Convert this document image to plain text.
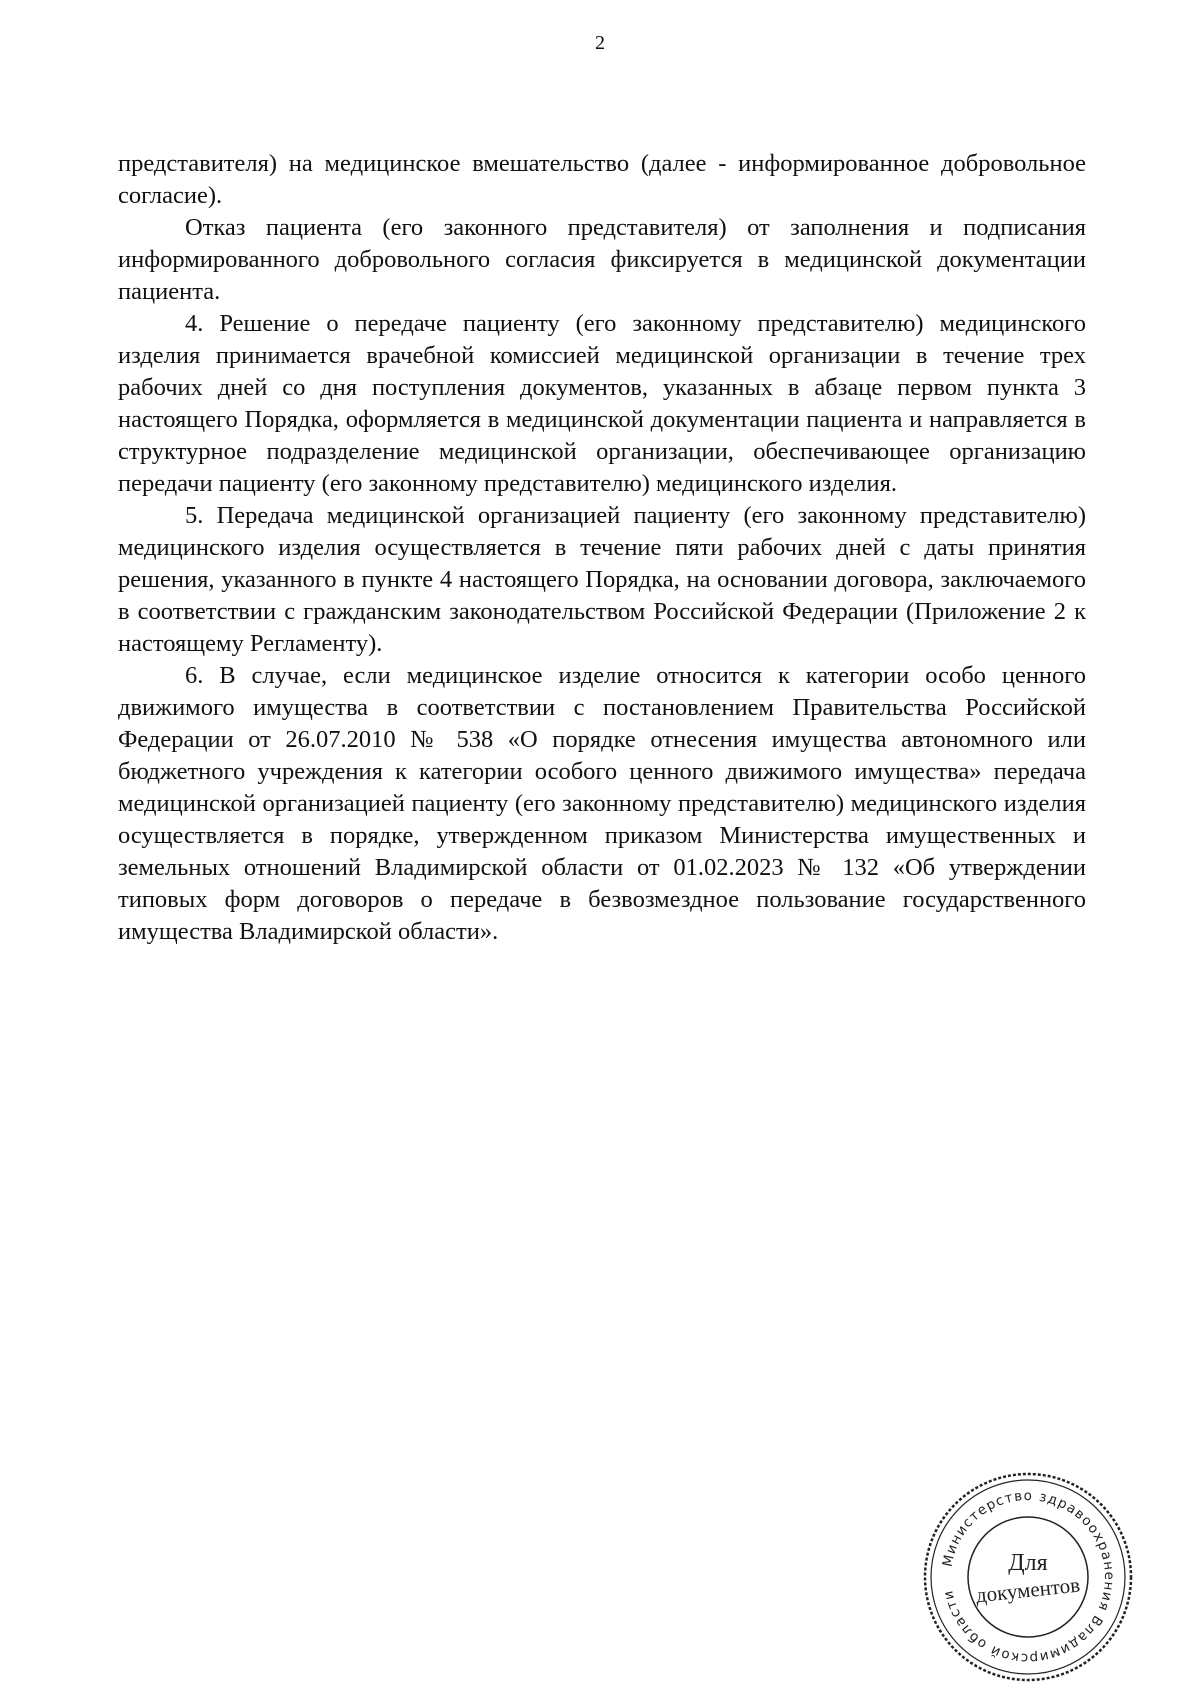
2

представителя) на медицинское вмешательство (далее - информированное добровольное согласие).

Отказ пациента (его законного представителя) от заполнения и подписания информированного добровольного согласия фиксируется в медицинской документации пациента.

4. Решение о передаче пациенту (его законному представителю) медицинского изделия принимается врачебной комиссией медицинской организации в течение трех рабочих дней со дня поступления документов, указанных в абзаце первом пункта 3 настоящего Порядка, оформляется в медицинской документации пациента и направляется в структурное подразделение медицинской организации, обеспечивающее организацию передачи пациенту (его законному представителю) медицинского изделия.

5. Передача медицинской организацией пациенту (его законному представителю) медицинского изделия осуществляется в течение пяти рабочих дней с даты принятия решения, указанного в пункте 4 настоящего Порядка, на основании договора, заключаемого в соответствии с гражданским законодательством Российской Федерации (Приложение 2 к настоящему Регламенту).

6. В случае, если медицинское изделие относится к категории особо ценного движимого имущества в соответствии с постановлением Правительства Российской Федерации от 26.07.2010 № 538 «О порядке отнесения имущества автономного или бюджетного учреждения к категории особого ценного движимого имущества» передача медицинской организацией пациенту (его законному представителю) медицинского изделия осуществляется в порядке, утвержденном приказом Министерства имущественных и земельных отношений Владимирской области от 01.02.2023 № 132 «Об утверждении типовых форм договоров о передаче в безвозмездное пользование государственного имущества Владимирской области».

Министерство здравоохранения Владимирской области
Для
документов
